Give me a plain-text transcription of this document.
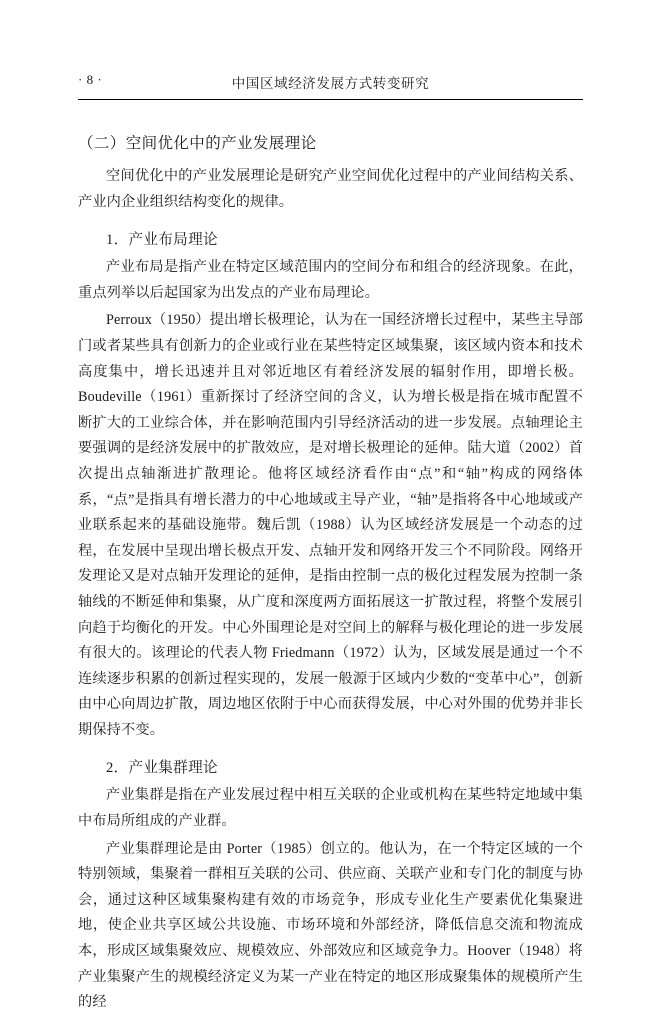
· 8 ·	中国区域经济发展方式转变研究
（二）空间优化中的产业发展理论

空间优化中的产业发展理论是研究产业空间优化过程中的产业间结构关系、产业内企业组织结构变化的规律。

1．产业布局理论

产业布局是指产业在特定区域范围内的空间分布和组合的经济现象。在此，重点列举以后起国家为出发点的产业布局理论。

Perroux（1950）提出增长极理论，认为在一国经济增长过程中，某些主导部门或者某些具有创新力的企业或行业在某些特定区域集聚，该区域内资本和技术高度集中，增长迅速并且对邻近地区有着经济发展的辐射作用，即增长极。Boudeville（1961）重新探讨了经济空间的含义，认为增长极是指在城市配置不断扩大的工业综合体，并在影响范围内引导经济活动的进一步发展。点轴理论主要强调的是经济发展中的扩散效应，是对增长极理论的延伸。陆大道（2002）首次提出点轴渐进扩散理论。他将区域经济看作由“点”和“轴”构成的网络体系，“点”是指具有增长潜力的中心地域或主导产业，“轴”是指将各中心地域或产业联系起来的基础设施带。魏后凯（1988）认为区域经济发展是一个动态的过程，在发展中呈现出增长极点开发、点轴开发和网络开发三个不同阶段。网络开发理论又是对点轴开发理论的延伸，是指由控制一点的极化过程发展为控制一条轴线的不断延伸和集聚，从广度和深度两方面拓展这一扩散过程，将整个发展引向趋于均衡化的开发。中心外围理论是对空间上的解释与极化理论的进一步发展有很大的。该理论的代表人物 Friedmann（1972）认为，区域发展是通过一个不连续逐步积累的创新过程实现的，发展一般源于区域内少数的“变革中心”，创新由中心向周边扩散，周边地区依附于中心而获得发展，中心对外围的优势并非长期保持不变。

2．产业集群理论

产业集群是指在产业发展过程中相互关联的企业或机构在某些特定地域中集中布局所组成的产业群。

产业集群理论是由 Porter（1985）创立的。他认为，在一个特定区域的一个特别领域，集聚着一群相互关联的公司、供应商、关联产业和专门化的制度与协会，通过这种区域集聚构建有效的市场竞争，形成专业化生产要素优化集聚进地，使企业共享区域公共设施、市场环境和外部经济，降低信息交流和物流成本，形成区域集聚效应、规模效应、外部效应和区域竞争力。Hoover（1948）将产业集聚产生的规模经济定义为某一产业在特定的地区形成聚集体的规模所产生的经
